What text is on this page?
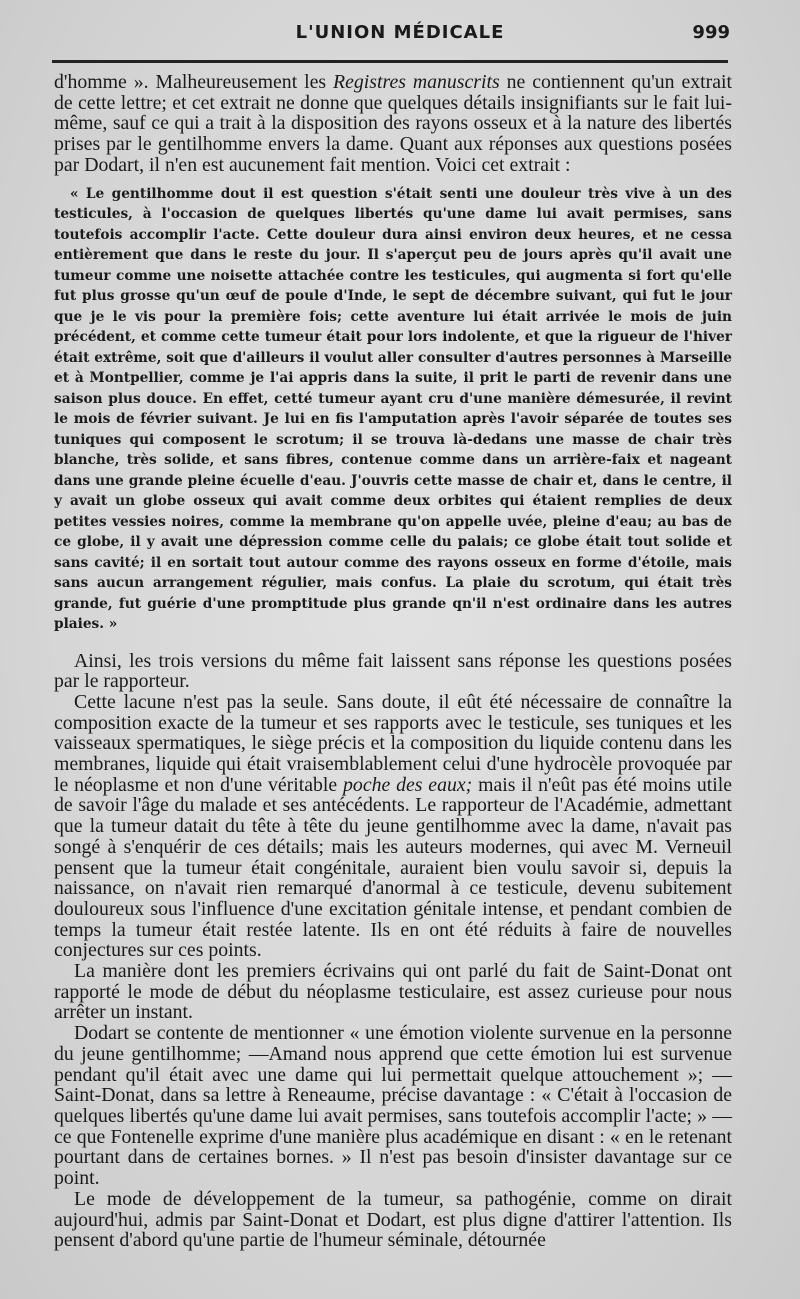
L'UNION MÉDICALE	999

d'homme ». Malheureusement les Registres manuscrits ne contiennent qu'un extrait de cette lettre; et cet extrait ne donne que quelques détails insignifiants sur le fait lui-même, sauf ce qui a trait à la disposition des rayons osseux et à la nature des libertés prises par le gentilhomme envers la dame. Quant aux réponses aux questions posées par Dodart, il n'en est aucunement fait mention. Voici cet extrait :

« Le gentilhomme dout il est question s'était senti une douleur très vive à un des testicules, à l'occasion de quelques libertés qu'une dame lui avait permises, sans toutefois accomplir l'acte. Cette douleur dura ainsi environ deux heures, et ne cessa entièrement que dans le reste du jour. Il s'aperçut peu de jours après qu'il avait une tumeur comme une noisette attachée contre les testicules, qui augmenta si fort qu'elle fut plus grosse qu'un œuf de poule d'Inde, le sept de décembre suivant, qui fut le jour que je le vis pour la première fois; cette aventure lui était arrivée le mois de juin précédent, et comme cette tumeur était pour lors indolente, et que la rigueur de l'hiver était extrême, soit que d'ailleurs il voulut aller consulter d'autres personnes à Marseille et à Montpellier, comme je l'ai appris dans la suite, il prit le parti de revenir dans une saison plus douce. En effet, cetté tumeur ayant cru d'une manière démesurée, il revint le mois de février suivant. Je lui en fis l'amputation après l'avoir séparée de toutes ses tuniques qui composent le scrotum; il se trouva là-dedans une masse de chair très blanche, très solide, et sans fibres, contenue comme dans un arrière-faix et nageant dans une grande pleine écuelle d'eau. J'ouvris cette masse de chair et, dans le centre, il y avait un globe osseux qui avait comme deux orbites qui étaient remplies de deux petites vessies noires, comme la membrane qu'on appelle uvée, pleine d'eau; au bas de ce globe, il y avait une dépression comme celle du palais; ce globe était tout solide et sans cavité; il en sortait tout autour comme des rayons osseux en forme d'étoile, mais sans aucun arrangement régulier, mais confus. La plaie du scrotum, qui était très grande, fut guérie d'une promptitude plus grande qn'il n'est ordinaire dans les autres plaies. »

Ainsi, les trois versions du même fait laissent sans réponse les questions posées par le rapporteur.

Cette lacune n'est pas la seule. Sans doute, il eût été nécessaire de connaître la composition exacte de la tumeur et ses rapports avec le testicule, ses tuniques et les vaisseaux spermatiques, le siège précis et la composition du liquide contenu dans les membranes, liquide qui était vraisemblablement celui d'une hydrocèle provoquée par le néoplasme et non d'une véritable poche des eaux; mais il n'eût pas été moins utile de savoir l'âge du malade et ses antécédents. Le rapporteur de l'Académie, admettant que la tumeur datait du tête à tête du jeune gentilhomme avec la dame, n'avait pas songé à s'enquérir de ces détails; mais les auteurs modernes, qui avec M. Verneuil pensent que la tumeur était congénitale, auraient bien voulu savoir si, depuis la naissance, on n'avait rien remarqué d'anormal à ce testicule, devenu subitement douloureux sous l'influence d'une excitation génitale intense, et pendant combien de temps la tumeur était restée latente. Ils en ont été réduits à faire de nouvelles conjectures sur ces points.

La manière dont les premiers écrivains qui ont parlé du fait de Saint-Donat ont rapporté le mode de début du néoplasme testiculaire, est assez curieuse pour nous arrêter un instant.

Dodart se contente de mentionner « une émotion violente survenue en la personne du jeune gentilhomme; —Amand nous apprend que cette émotion lui est survenue pendant qu'il était avec une dame qui lui permettait quelque attouchement »; — Saint-Donat, dans sa lettre à Reneaume, précise davantage : « C'était à l'occasion de quelques libertés qu'une dame lui avait permises, sans toutefois accomplir l'acte; » — ce que Fontenelle exprime d'une manière plus académique en disant : « en le retenant pourtant dans de certaines bornes. » Il n'est pas besoin d'insister davantage sur ce point.

Le mode de développement de la tumeur, sa pathogénie, comme on dirait aujourd'hui, admis par Saint-Donat et Dodart, est plus digne d'attirer l'attention. Ils pensent d'abord qu'une partie de l'humeur séminale, détournée
